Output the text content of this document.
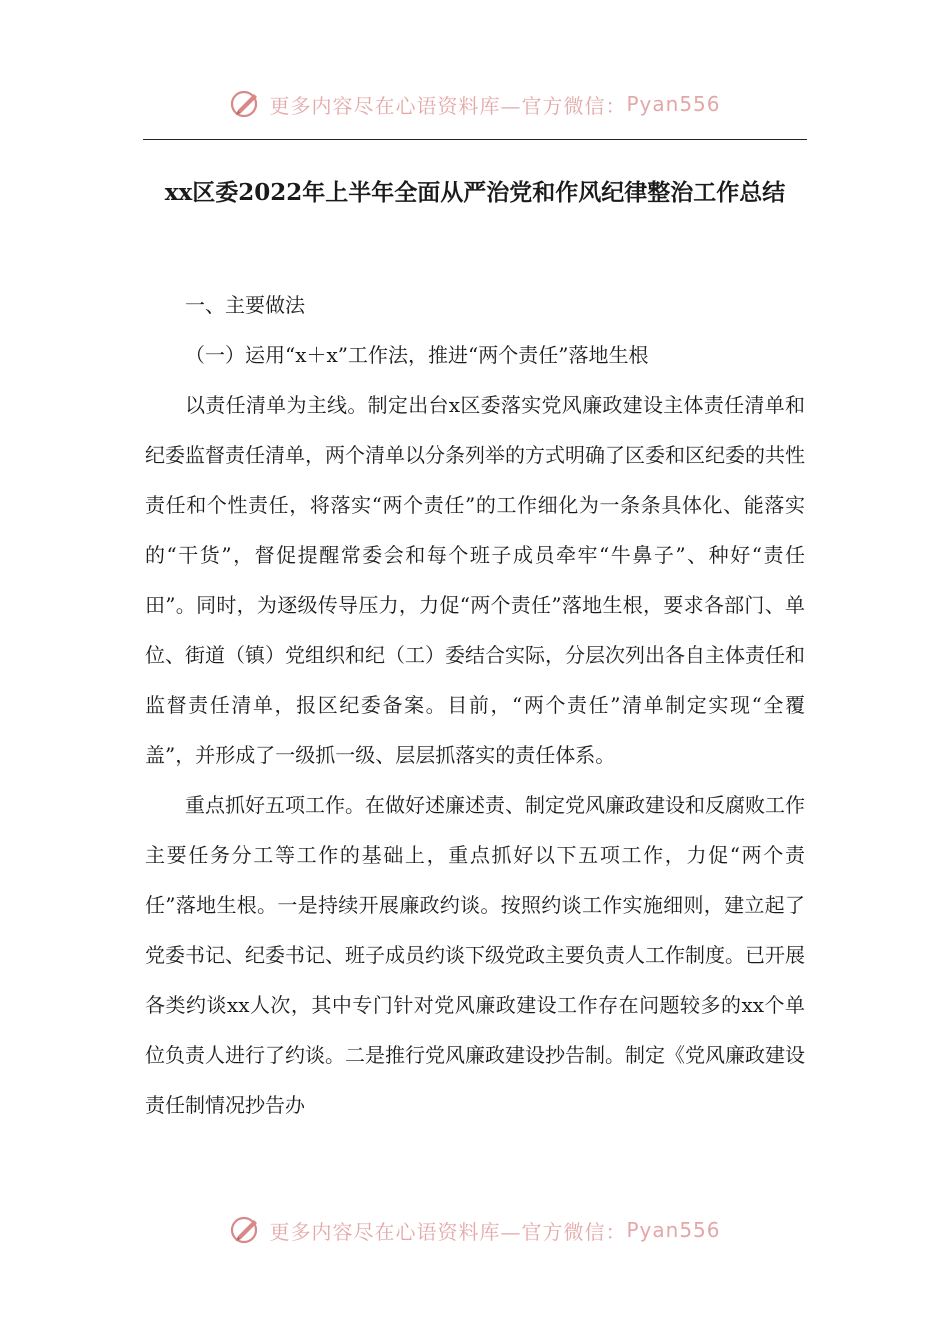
更多内容尽在心语资料库—官方微信： Pyan556
xx区委2022年上半年全面从严治党和作风纪律整治工作总结

一、主要做法

（一）运用“x＋x”工作法，推进“两个责任”落地生根

以责任清单为主线。制定出台x区委落实党风廉政建设主体责任清单和纪委监督责任清单，两个清单以分条列举的方式明确了区委和区纪委的共性责任和个性责任，将落实“两个责任”的工作细化为一条条具体化、能落实的“干货”，督促提醒常委会和每个班子成员牵牢“牛鼻子”、种好“责任田”。同时，为逐级传导压力，力促“两个责任”落地生根，要求各部门、单位、街道（镇）党组织和纪（工）委结合实际，分层次列出各自主体责任和监督责任清单，报区纪委备案。目前，“两个责任”清单制定实现“全覆盖”，并形成了一级抓一级、层层抓落实的责任体系。

重点抓好五项工作。在做好述廉述责、制定党风廉政建设和反腐败工作主要任务分工等工作的基础上，重点抓好以下五项工作，力促“两个责任”落地生根。一是持续开展廉政约谈。按照约谈工作实施细则，建立起了党委书记、纪委书记、班子成员约谈下级党政主要负责人工作制度。已开展各类约谈xx人次，其中专门针对党风廉政建设工作存在问题较多的xx个单位负责人进行了约谈。二是推行党风廉政建设抄告制。制定《党风廉政建设责任制情况抄告办

更多内容尽在心语资料库—官方微信： Pyan556
